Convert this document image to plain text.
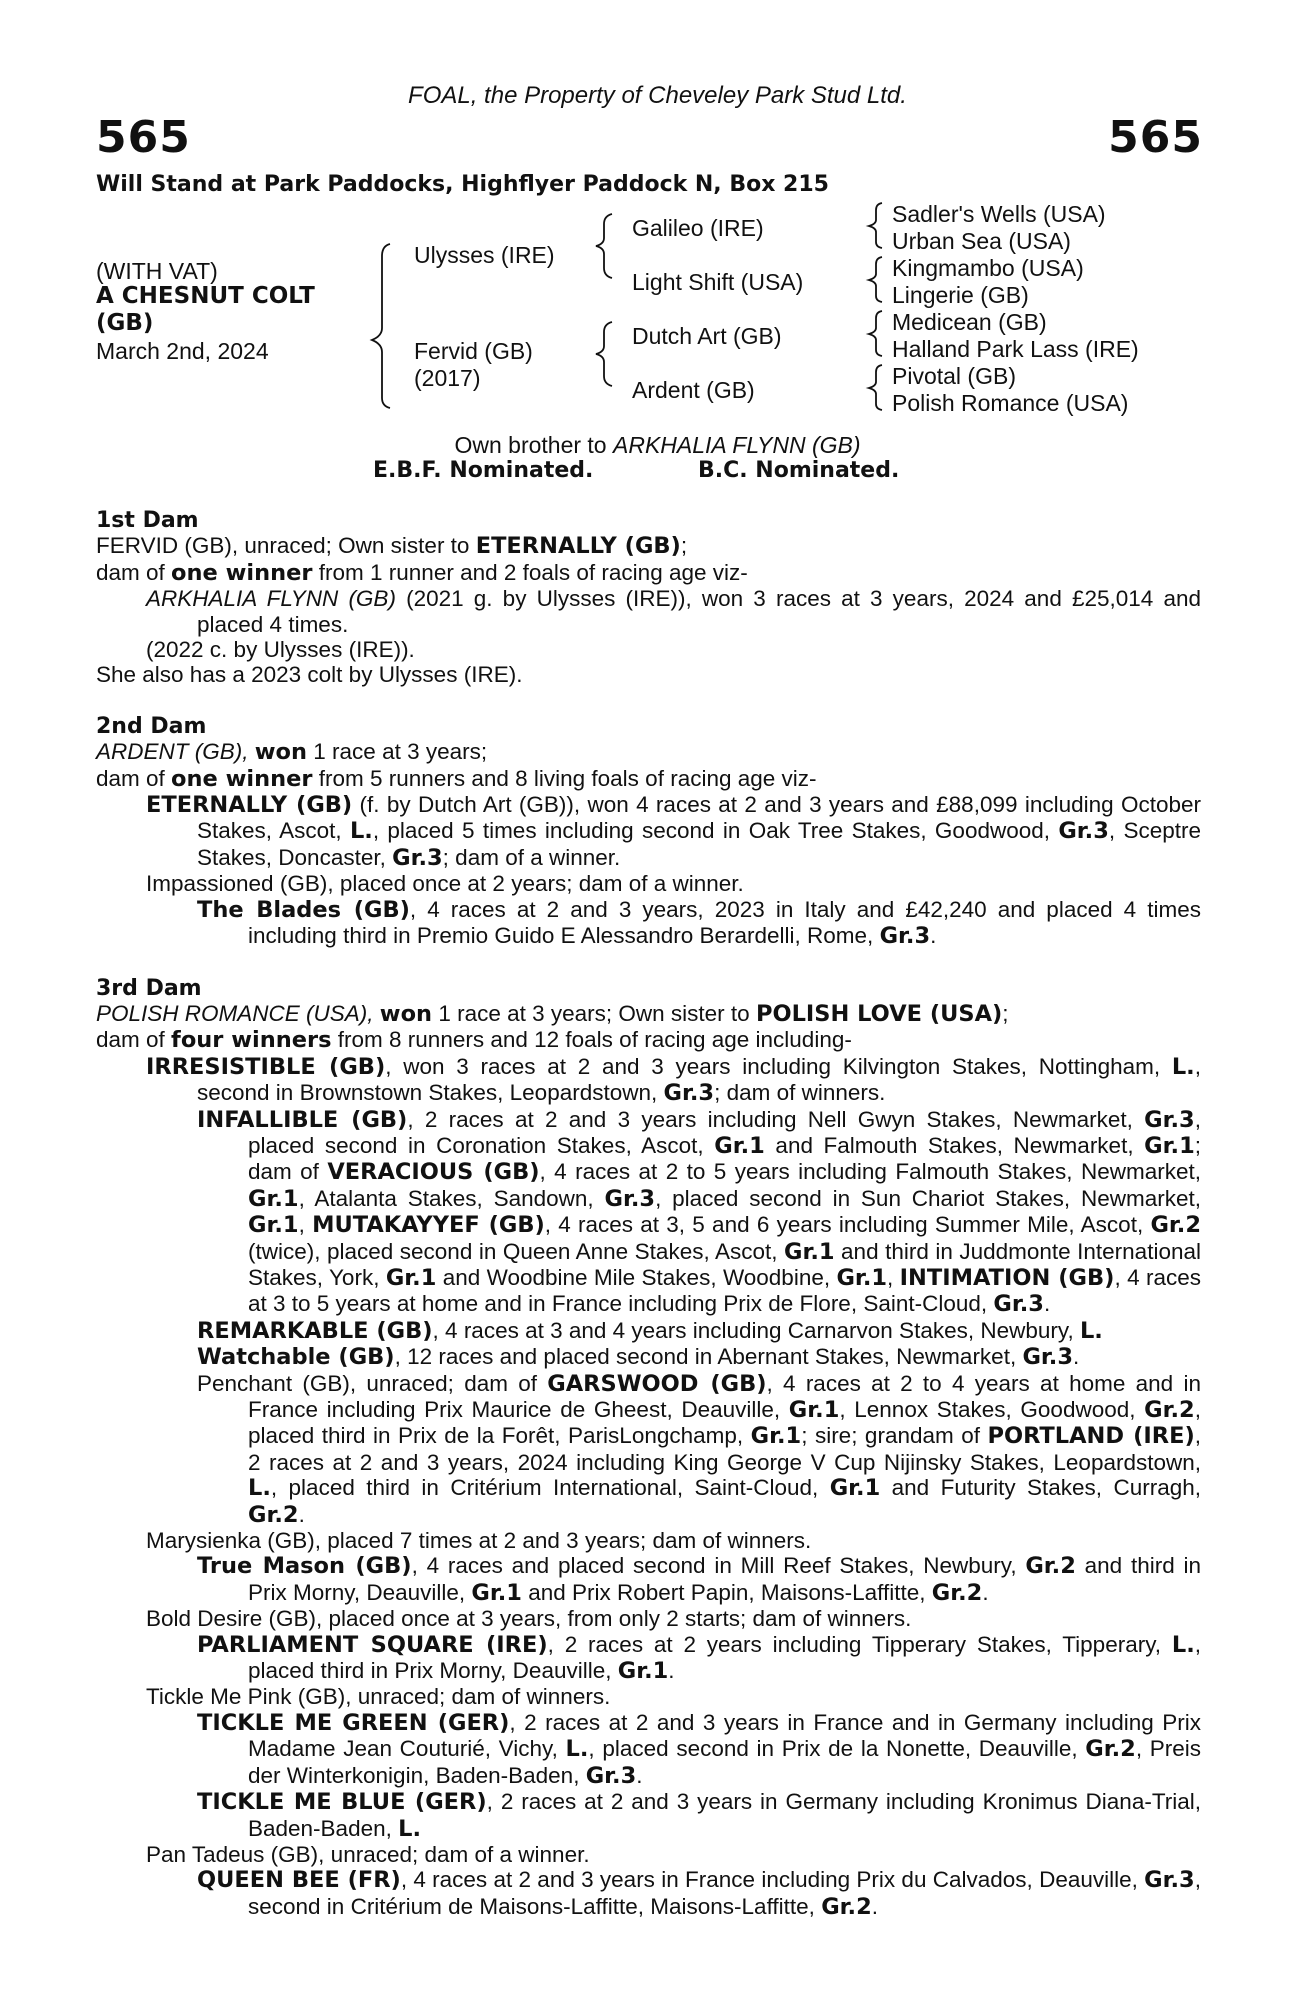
FOAL, the Property of Cheveley Park Stud Ltd.
565	565
Will Stand at Park Paddocks, Highflyer Paddock N, Box 215
(WITH VAT)
A CHESNUT COLT
(GB)
March 2nd, 2024
Ulysses (IRE)
Fervid (GB)
(2017)
Galileo (IRE)
Light Shift (USA)
Dutch Art (GB)
Ardent (GB)
Sadler's Wells (USA)
Urban Sea (USA)
Kingmambo (USA)
Lingerie (GB)
Medicean (GB)
Halland Park Lass (IRE)
Pivotal (GB)
Polish Romance (USA)
Own brother to ARKHALIA FLYNN (GB)
E.B.F. Nominated.	B.C. Nominated.

1st Dam

FERVID (GB), unraced; Own sister to ETERNALLY (GB);

dam of one winner from 1 runner and 2 foals of racing age viz-

ARKHALIA FLYNN (GB) (2021 g. by Ulysses (IRE)), won 3 races at 3 years, 2024 and £25,014 and placed 4 times.

(2022 c. by Ulysses (IRE)).

She also has a 2023 colt by Ulysses (IRE).

2nd Dam

ARDENT (GB), won 1 race at 3 years;

dam of one winner from 5 runners and 8 living foals of racing age viz-

ETERNALLY (GB) (f. by Dutch Art (GB)), won 4 races at 2 and 3 years and £88,099 including October Stakes, Ascot, L., placed 5 times including second in Oak Tree Stakes, Goodwood, Gr.3, Sceptre Stakes, Doncaster, Gr.3; dam of a winner.

Impassioned (GB), placed once at 2 years; dam of a winner.

The Blades (GB), 4 races at 2 and 3 years, 2023 in Italy and £42,240 and placed 4 times including third in Premio Guido E Alessandro Berardelli, Rome, Gr.3.

3rd Dam

POLISH ROMANCE (USA), won 1 race at 3 years; Own sister to POLISH LOVE (USA);

dam of four winners from 8 runners and 12 foals of racing age including-

IRRESISTIBLE (GB), won 3 races at 2 and 3 years including Kilvington Stakes, Nottingham, L., second in Brownstown Stakes, Leopardstown, Gr.3; dam of winners.

INFALLIBLE (GB), 2 races at 2 and 3 years including Nell Gwyn Stakes, Newmarket, Gr.3, placed second in Coronation Stakes, Ascot, Gr.1 and Falmouth Stakes, Newmarket, Gr.1; dam of VERACIOUS (GB), 4 races at 2 to 5 years including Falmouth Stakes, Newmarket, Gr.1, Atalanta Stakes, Sandown, Gr.3, placed second in Sun Chariot Stakes, Newmarket, Gr.1, MUTAKAYYEF (GB), 4 races at 3, 5 and 6 years including Summer Mile, Ascot, Gr.2 (twice), placed second in Queen Anne Stakes, Ascot, Gr.1 and third in Juddmonte International Stakes, York, Gr.1 and Woodbine Mile Stakes, Woodbine, Gr.1, INTIMATION (GB), 4 races at 3 to 5 years at home and in France including Prix de Flore, Saint-Cloud, Gr.3.

REMARKABLE (GB), 4 races at 3 and 4 years including Carnarvon Stakes, Newbury, L.

Watchable (GB), 12 races and placed second in Abernant Stakes, Newmarket, Gr.3.

Penchant (GB), unraced; dam of GARSWOOD (GB), 4 races at 2 to 4 years at home and in France including Prix Maurice de Gheest, Deauville, Gr.1, Lennox Stakes, Goodwood, Gr.2, placed third in Prix de la Forêt, ParisLongchamp, Gr.1; sire; grandam of PORTLAND (IRE), 2 races at 2 and 3 years, 2024 including King George V Cup Nijinsky Stakes, Leopardstown, L., placed third in Critérium International, Saint-Cloud, Gr.1 and Futurity Stakes, Curragh, Gr.2.

Marysienka (GB), placed 7 times at 2 and 3 years; dam of winners.

True Mason (GB), 4 races and placed second in Mill Reef Stakes, Newbury, Gr.2 and third in Prix Morny, Deauville, Gr.1 and Prix Robert Papin, Maisons-Laffitte, Gr.2.

Bold Desire (GB), placed once at 3 years, from only 2 starts; dam of winners.

PARLIAMENT SQUARE (IRE), 2 races at 2 years including Tipperary Stakes, Tipperary, L., placed third in Prix Morny, Deauville, Gr.1.

Tickle Me Pink (GB), unraced; dam of winners.

TICKLE ME GREEN (GER), 2 races at 2 and 3 years in France and in Germany including Prix Madame Jean Couturié, Vichy, L., placed second in Prix de la Nonette, Deauville, Gr.2, Preis der Winterkonigin, Baden-Baden, Gr.3.

TICKLE ME BLUE (GER), 2 races at 2 and 3 years in Germany including Kronimus Diana-Trial, Baden-Baden, L.

Pan Tadeus (GB), unraced; dam of a winner.

QUEEN BEE (FR), 4 races at 2 and 3 years in France including Prix du Calvados, Deauville, Gr.3, second in Critérium de Maisons-Laffitte, Maisons-Laffitte, Gr.2.
